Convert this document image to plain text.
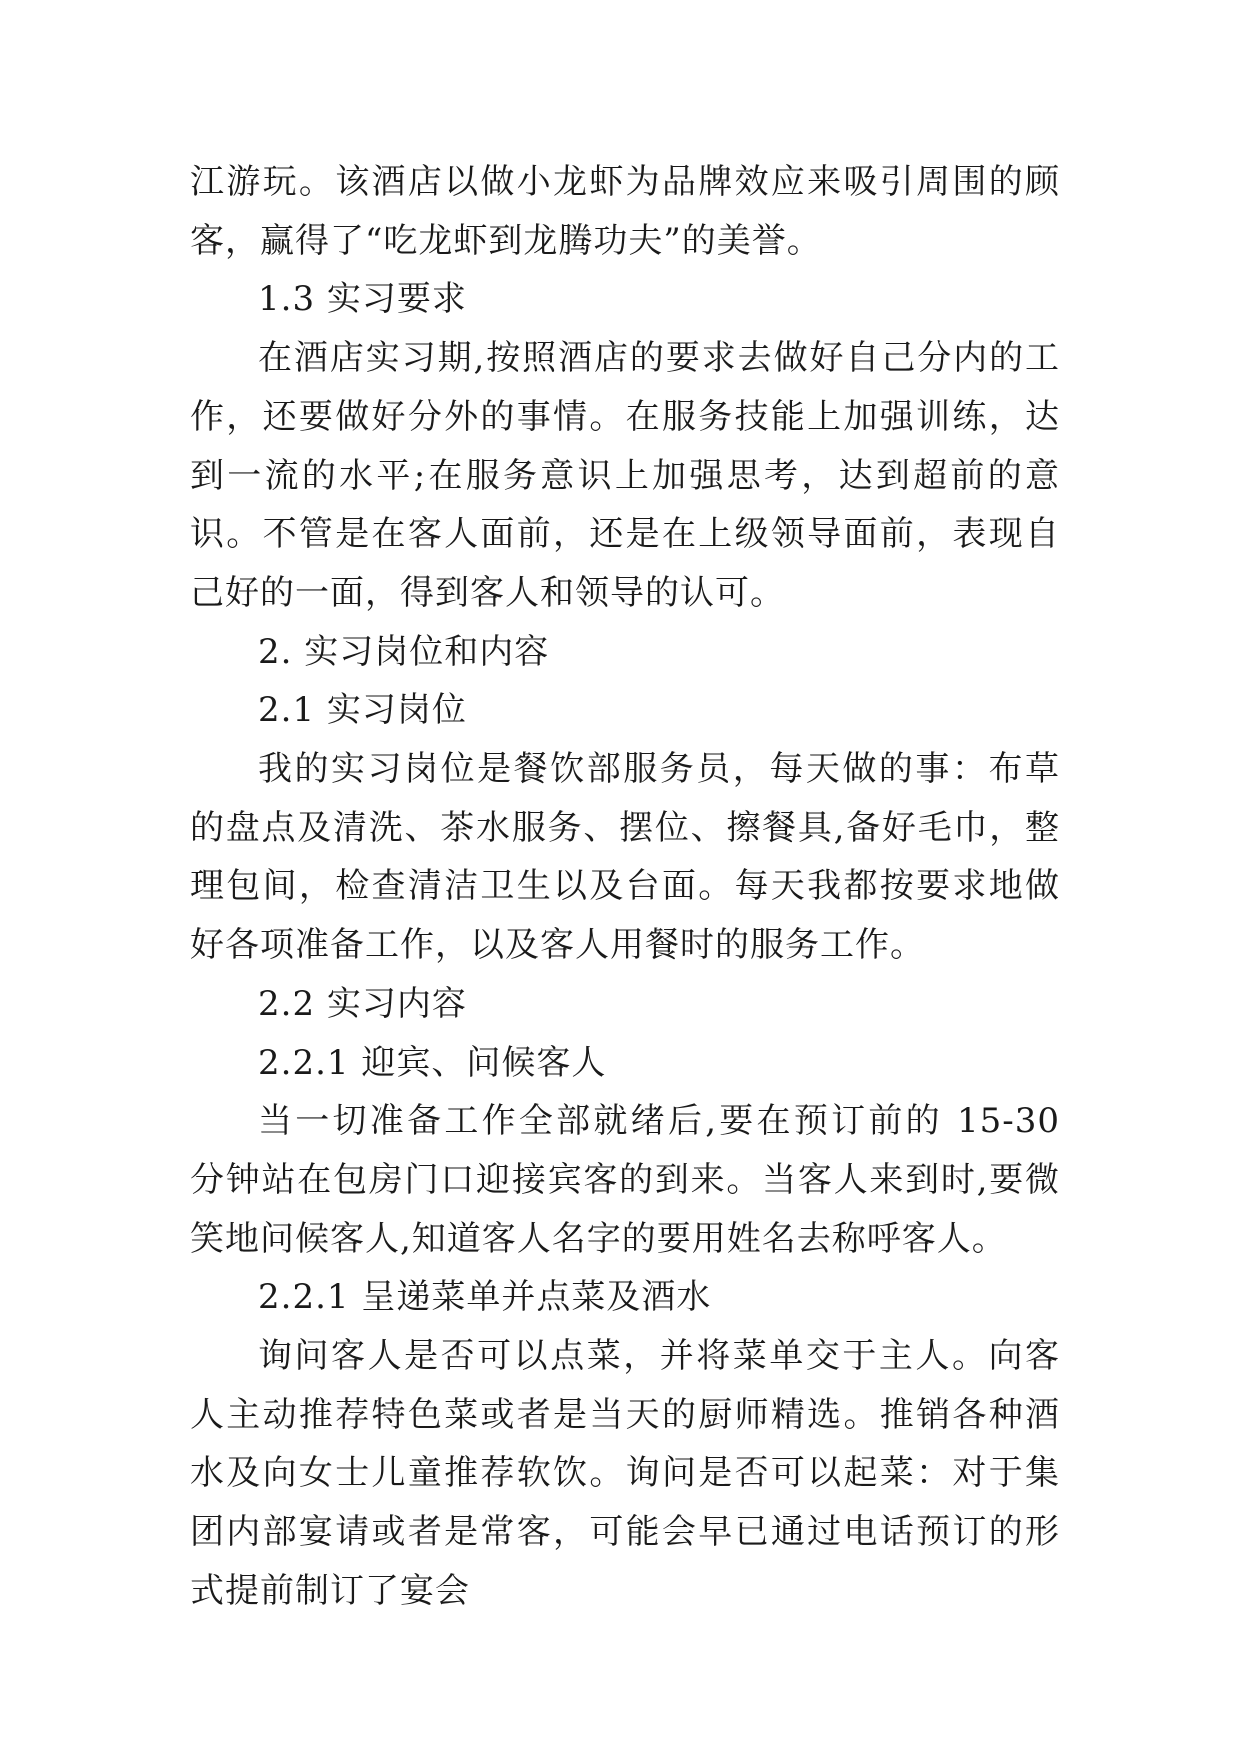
江游玩。该酒店以做小龙虾为品牌效应来吸引周围的顾客，赢得了“吃龙虾到龙腾功夫”的美誉。

1.3 实习要求

在酒店实习期,按照酒店的要求去做好自己分内的工作，还要做好分外的事情。在服务技能上加强训练，达到一流的水平;在服务意识上加强思考，达到超前的意识。不管是在客人面前，还是在上级领导面前，表现自己好的一面，得到客人和领导的认可。

2. 实习岗位和内容

2.1 实习岗位

我的实习岗位是餐饮部服务员，每天做的事：布草的盘点及清洗、茶水服务、摆位、擦餐具,备好毛巾，整理包间，检查清洁卫生以及台面。每天我都按要求地做好各项准备工作，以及客人用餐时的服务工作。

2.2 实习内容

2.2.1 迎宾、问候客人

当一切准备工作全部就绪后,要在预订前的 15-30 分钟站在包房门口迎接宾客的到来。当客人来到时,要微笑地问候客人,知道客人名字的要用姓名去称呼客人。

2.2.1 呈递菜单并点菜及酒水

询问客人是否可以点菜，并将菜单交于主人。向客人主动推荐特色菜或者是当天的厨师精选。推销各种酒水及向女士儿童推荐软饮。询问是否可以起菜：对于集团内部宴请或者是常客，可能会早已通过电话预订的形式提前制订了宴会
